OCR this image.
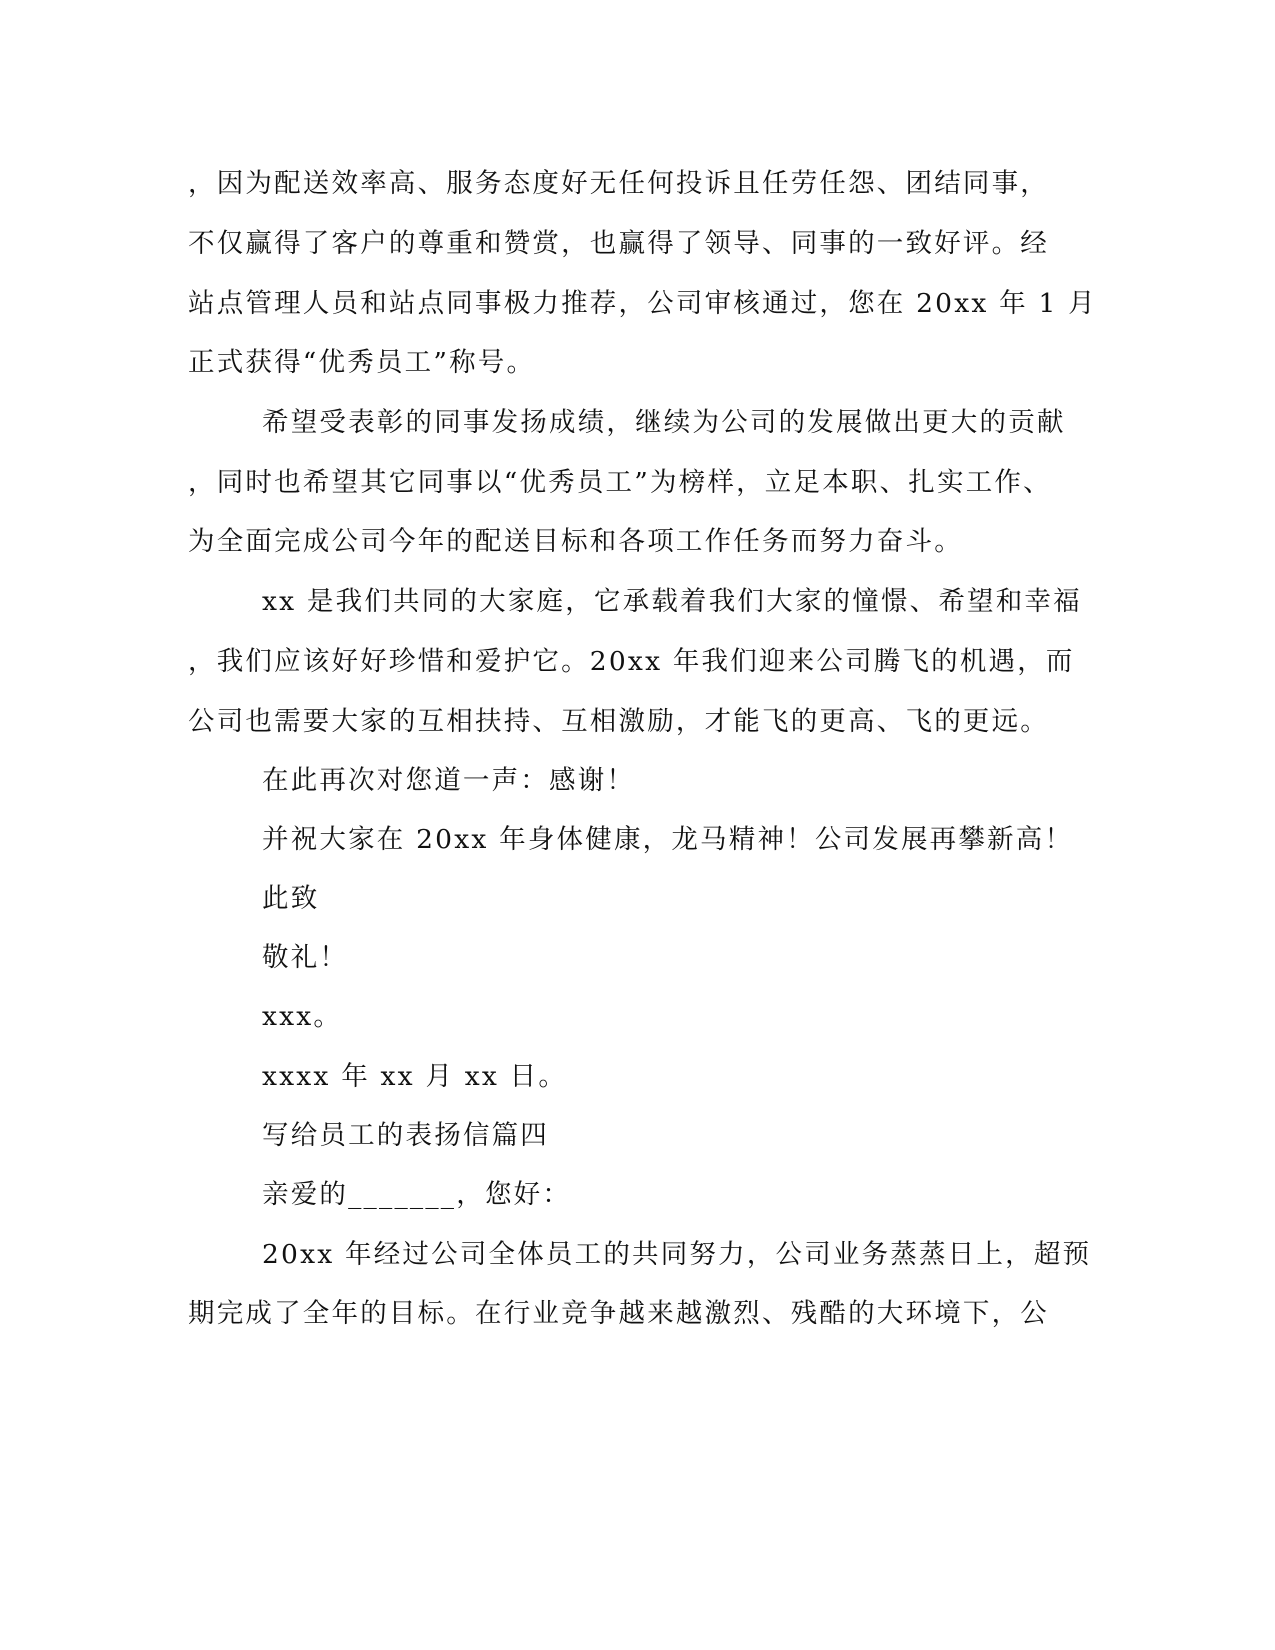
，因为配送效率高、服务态度好无任何投诉且任劳任怨、团结同事，
不仅赢得了客户的尊重和赞赏，也赢得了领导、同事的一致好评。经
站点管理人员和站点同事极力推荐，公司审核通过，您在 20xx 年 1 月
正式获得“优秀员工”称号。
希望受表彰的同事发扬成绩，继续为公司的发展做出更大的贡献
，同时也希望其它同事以“优秀员工”为榜样，立足本职、扎实工作、
为全面完成公司今年的配送目标和各项工作任务而努力奋斗。
xx 是我们共同的大家庭，它承载着我们大家的憧憬、希望和幸福
，我们应该好好珍惜和爱护它。20xx 年我们迎来公司腾飞的机遇，而
公司也需要大家的互相扶持、互相激励，才能飞的更高、飞的更远。
在此再次对您道一声：感谢！
并祝大家在 20xx 年身体健康，龙马精神！公司发展再攀新高！
此致
敬礼！
xxx。
xxxx 年 xx 月 xx 日。
写给员工的表扬信篇四
亲爱的_______，您好：
20xx 年经过公司全体员工的共同努力，公司业务蒸蒸日上，超预
期完成了全年的目标。在行业竞争越来越激烈、残酷的大环境下，公
